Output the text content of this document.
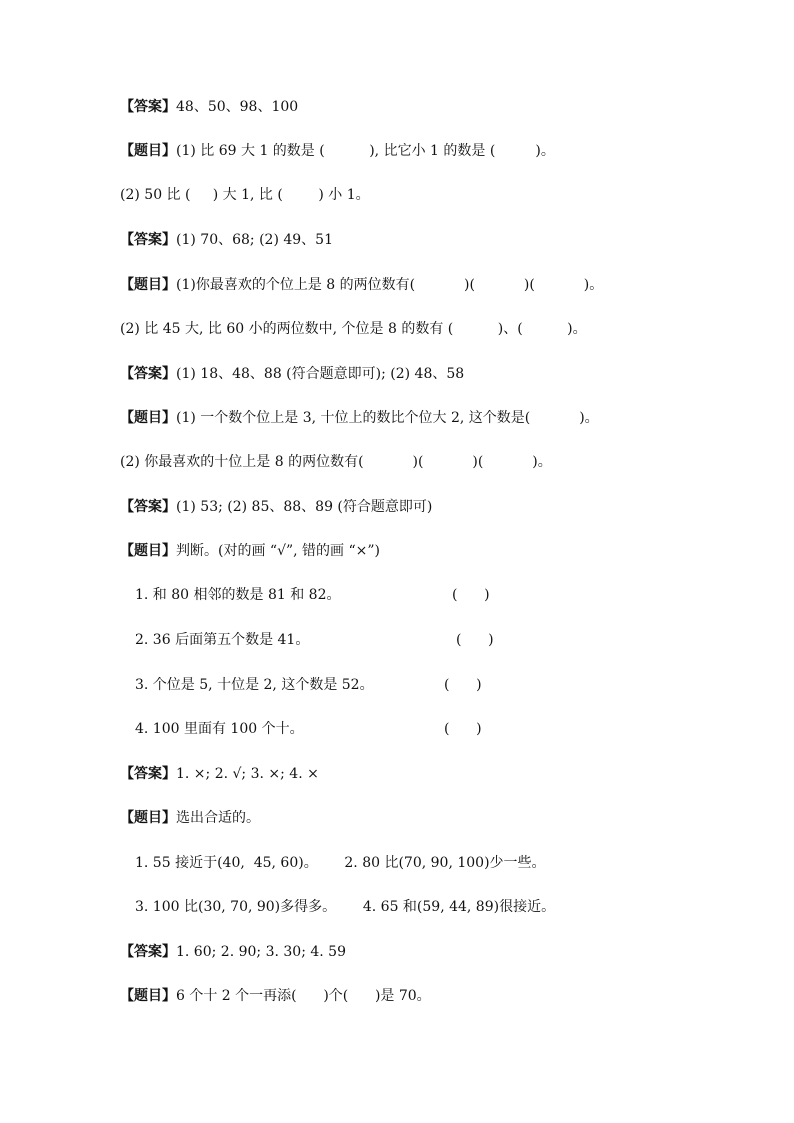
【答案】48、50、98、100
【题目】(1) 比 69 大 1 的数是 (          ), 比它小 1 的数是 (         )。
(2) 50 比 (     ) 大 1, 比 (        ) 小 1。
【答案】(1) 70、68; (2) 49、51
【题目】(1)你最喜欢的个位上是 8 的两位数有(           )(           )(           )。
(2) 比 45 大, 比 60 小的两位数中, 个位是 8 的数有 (          )、(          )。
【答案】(1) 18、48、88 (符合题意即可); (2) 48、58
【题目】(1) 一个数个位上是 3, 十位上的数比个位大 2, 这个数是(           )。
(2) 你最喜欢的十位上是 8 的两位数有(           )(           )(           )。
【答案】(1) 53; (2) 85、88、89 (符合题意即可)
【题目】判断。(对的画 “√”, 错的画 “×”)
1. 和 80 相邻的数是 81 和 82。	(      )
2. 36 后面第五个数是 41。	(      )
3. 个位是 5, 十位是 2, 这个数是 52。	(      )
4. 100 里面有 100 个十。	(      )
【答案】1. ×; 2. √; 3. ×; 4. ×
【题目】选出合适的。
1. 55 接近于(40,  45, 60)。      2. 80 比(70, 90, 100)少一些。
3. 100 比(30, 70, 90)多得多。      4. 65 和(59, 44, 89)很接近。
【答案】1. 60; 2. 90; 3. 30; 4. 59
【题目】6 个十 2 个一再添(      )个(      )是 70。
